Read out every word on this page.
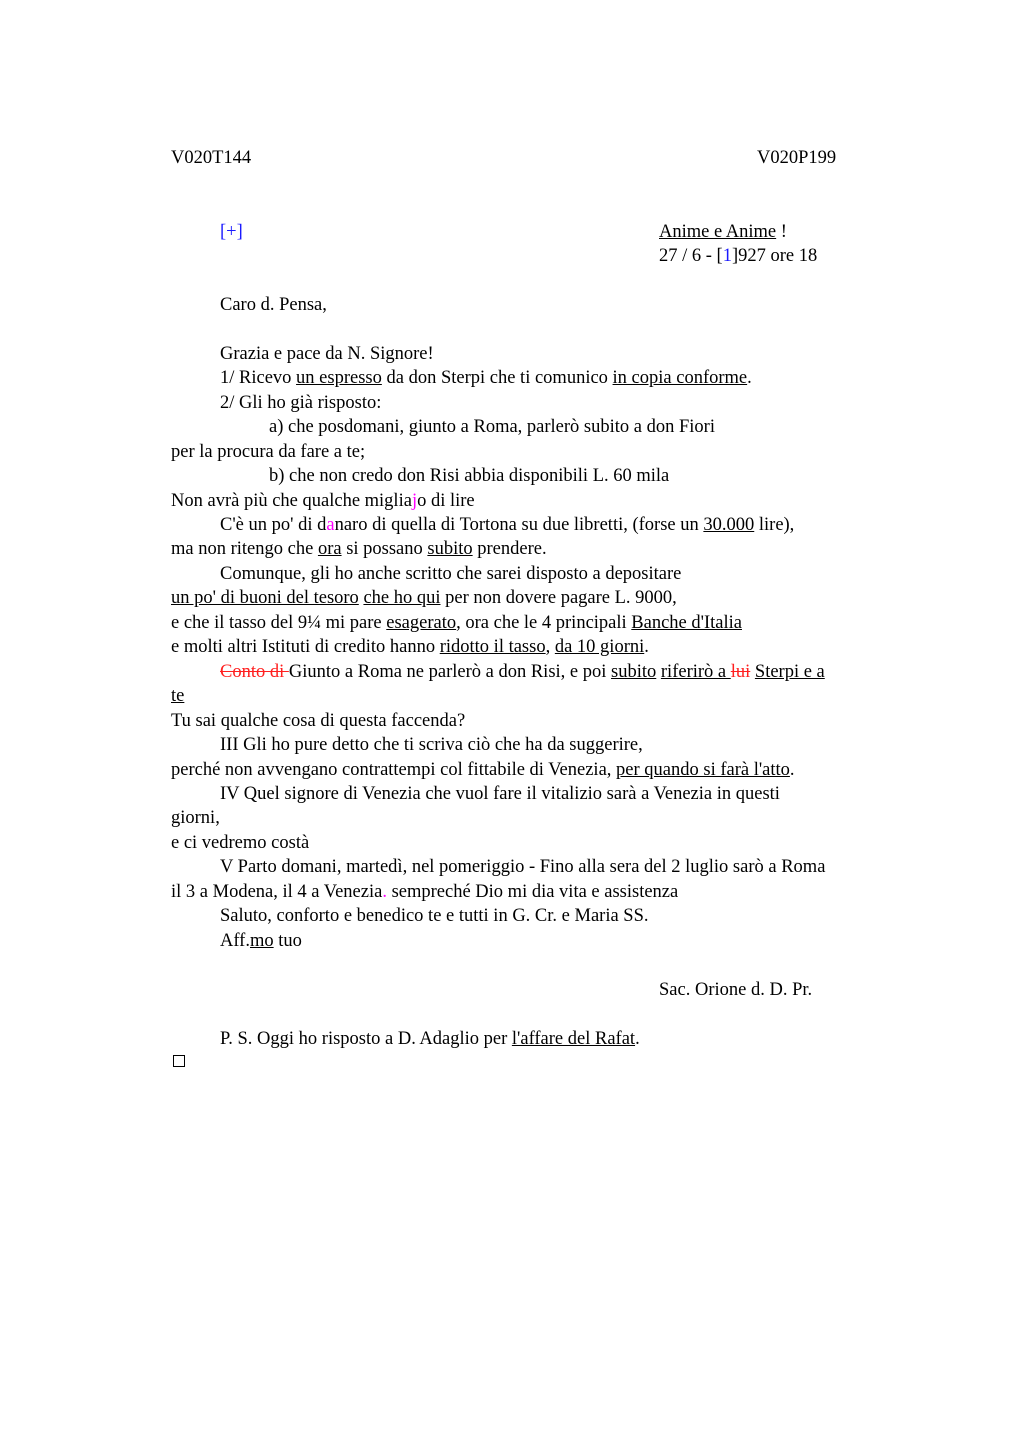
V020T144	V020P199
[+]	Anime e Anime !
27 / 6 - [1]927 ore 18
Caro d. Pensa,
Grazia e pace da N. Signore!
1/ Ricevo un espresso da don Sterpi che ti comunico in copia conforme.
2/ Gli ho già risposto:
a) che posdomani, giunto a Roma, parlerò subito a don Fiori
per la procura da fare a te;
b) che non credo don Risi abbia disponibili L. 60 mila
Non avrà più che qualche migliajo di lire
C'è un po' di danaro di quella di Tortona su due libretti, (forse un 30.000 lire),
ma non ritengo che ora si possano subito prendere.
Comunque, gli ho anche scritto che sarei disposto a depositare
un po' di buoni del tesoro che ho qui per non dovere pagare L. 9000,
e che il tasso del 9¼ mi pare esagerato, ora che le 4 principali Banche d'Italia
e molti altri Istituti di credito hanno ridotto il tasso, da 10 giorni.
Conto di Giunto a Roma ne parlerò a don Risi, e poi subito riferirò a lui Sterpi e a
te
Tu sai qualche cosa di questa faccenda?
III Gli ho pure detto che ti scriva ciò che ha da suggerire,
perché non avvengano contrattempi col fittabile di Venezia, per quando si farà l'atto.
IV Quel signore di Venezia che vuol fare il vitalizio sarà a Venezia in questi
giorni,
e ci vedremo costà
V Parto domani, martedì, nel pomeriggio - Fino alla sera del 2 luglio sarò a Roma
il 3 a Modena, il 4 a Venezia. sempreché Dio mi dia vita e assistenza
Saluto, conforto e benedico te e tutti in G. Cr. e Maria SS.
Aff.mo tuo
Sac. Orione d. D. Pr.
P. S. Oggi ho risposto a D. Adaglio per l'affare del Rafat.
